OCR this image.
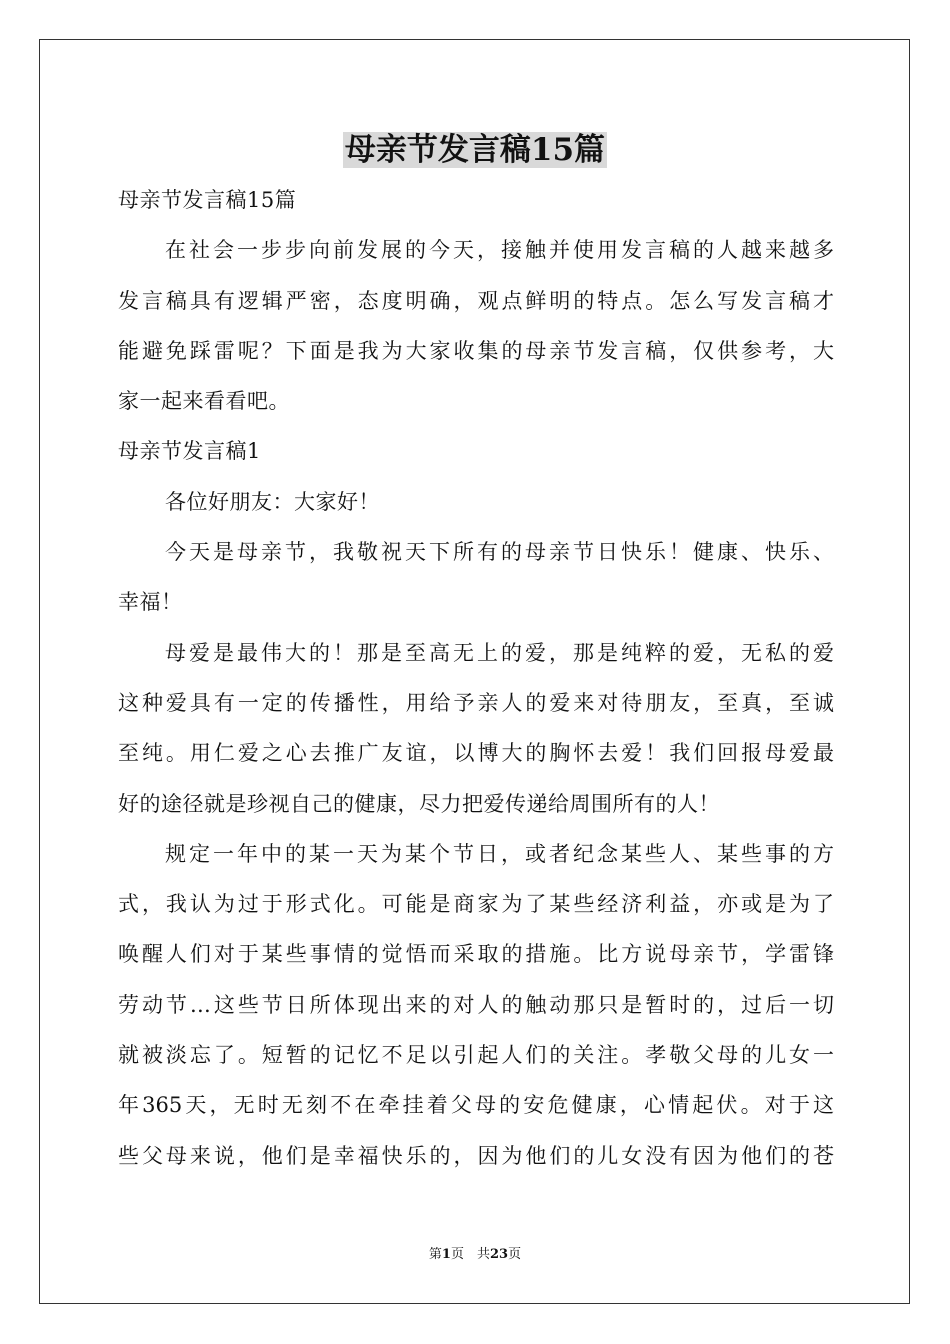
母亲节发言稿15篇
母亲节发言稿15篇
在社会一步步向前发展的今天，接触并使用发言稿的人越来越多
发言稿具有逻辑严密，态度明确，观点鲜明的特点。怎么写发言稿才
能避免踩雷呢？下面是我为大家收集的母亲节发言稿，仅供参考，大
家一起来看看吧。
母亲节发言稿1
各位好朋友：大家好！
今天是母亲节，我敬祝天下所有的母亲节日快乐！健康、快乐、
幸福！
母爱是最伟大的！那是至高无上的爱，那是纯粹的爱，无私的爱
这种爱具有一定的传播性，用给予亲人的爱来对待朋友，至真，至诚
至纯。用仁爱之心去推广友谊，以博大的胸怀去爱！我们回报母爱最
好的途径就是珍视自己的健康，尽力把爱传递给周围所有的人！
规定一年中的某一天为某个节日，或者纪念某些人、某些事的方
式，我认为过于形式化。可能是商家为了某些经济利益，亦或是为了
唤醒人们对于某些事情的觉悟而采取的措施。比方说母亲节，学雷锋
劳动节…这些节日所体现出来的对人的触动那只是暂时的，过后一切
就被淡忘了。短暂的记忆不足以引起人们的关注。孝敬父母的儿女一
年365天，无时无刻不在牵挂着父母的安危健康，心情起伏。对于这
些父母来说，他们是幸福快乐的，因为他们的儿女没有因为他们的苍
第1页　共23页
